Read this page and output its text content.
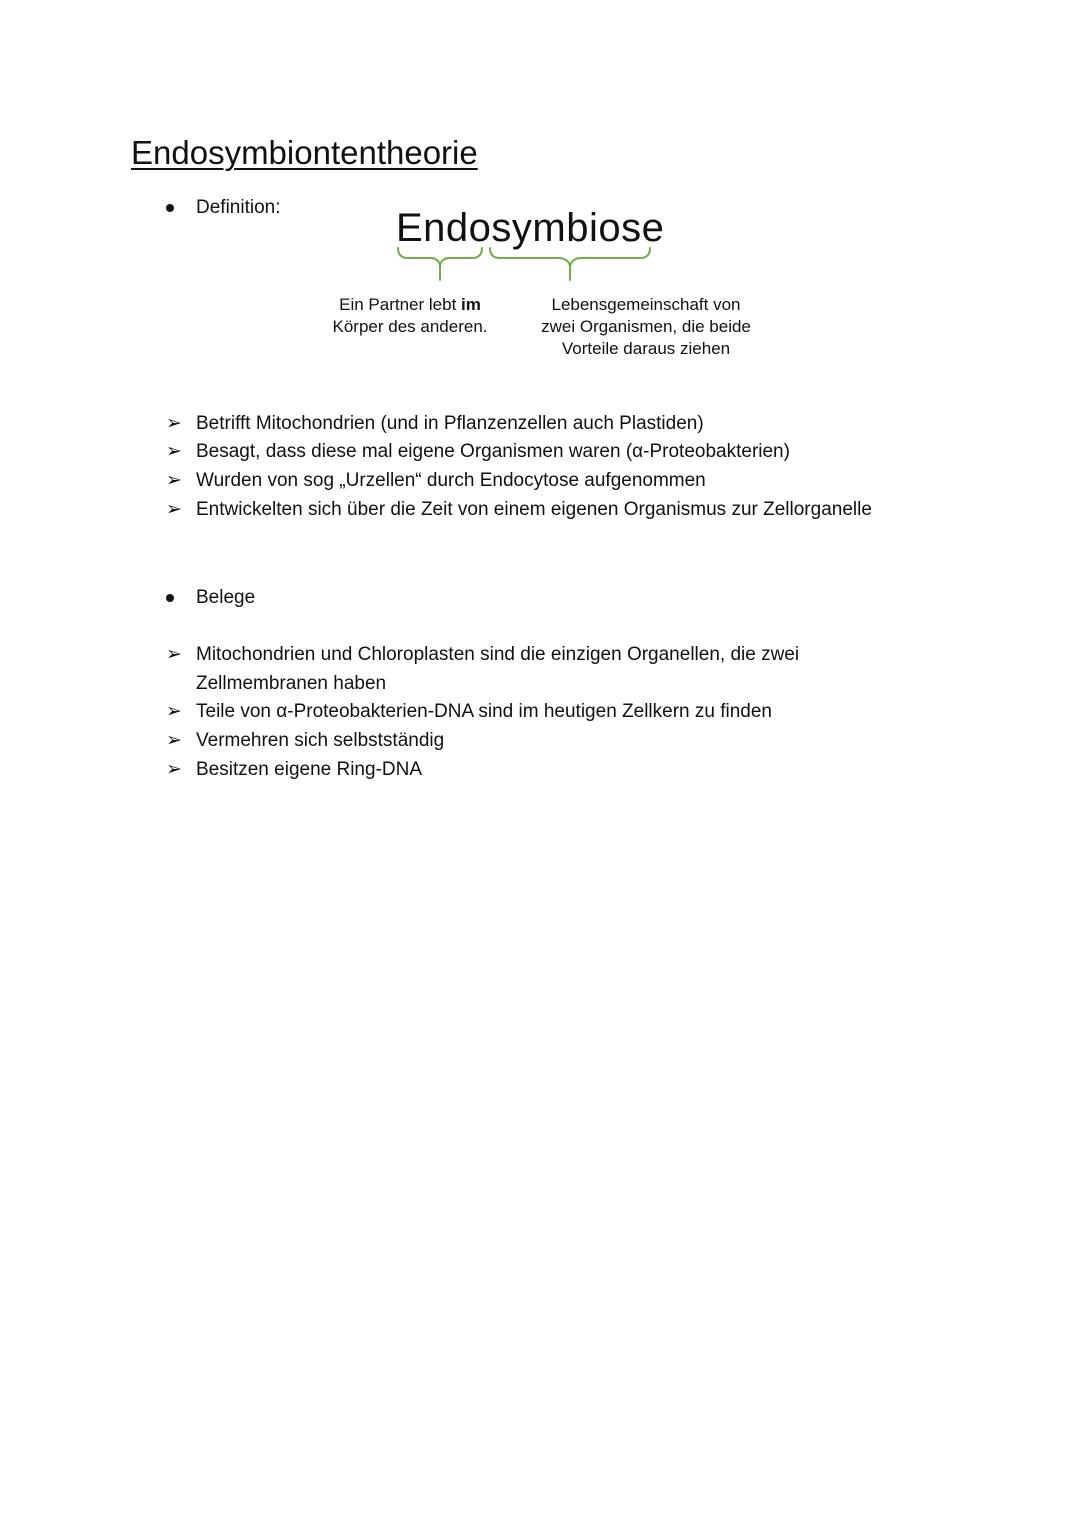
Endosymbiontentheorie
Definition:	Endosymbiose
Ein Partner lebt im
Körper des anderen.
Lebensgemeinschaft von
zwei Organismen, die beide
Vorteile daraus ziehen
➢ Betrifft Mitochondrien (und in Pflanzenzellen auch Plastiden)
➢ Besagt, dass diese mal eigene Organismen waren (α-Proteobakterien)
➢ Wurden von sog „Urzellen“ durch Endocytose aufgenommen
➢ Entwickelten sich über die Zeit von einem eigenen Organismus zur Zellorganelle
Belege
➢ Mitochondrien und Chloroplasten sind die einzigen Organellen, die zwei
Zellmembranen haben
➢ Teile von α-Proteobakterien-DNA sind im heutigen Zellkern zu finden
➢ Vermehren sich selbstständig
➢ Besitzen eigene Ring-DNA
